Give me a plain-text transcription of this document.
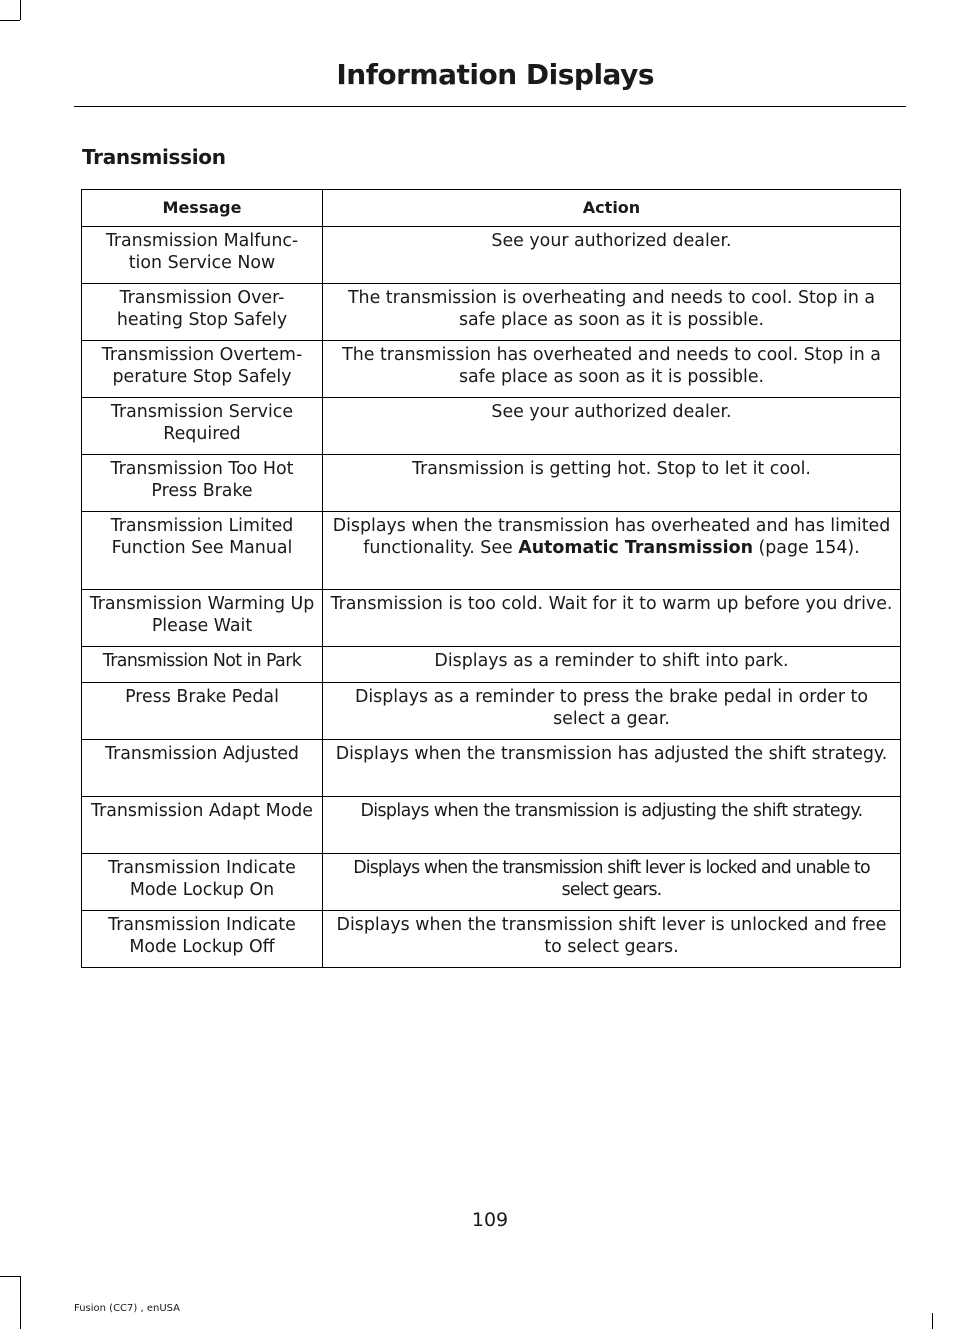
Information Displays
Transmission
Message	Action
Transmission Malfunc- tion Service Now	See your authorized dealer.
Transmission Over- heating Stop Safely	The transmission is overheating and needs to cool. Stop in a safe place as soon as it is possible.
Transmission Overtem- perature Stop Safely	The transmission has overheated and needs to cool. Stop in a safe place as soon as it is possible.
Transmission Service Required	See your authorized dealer.
Transmission Too Hot Press Brake	Transmission is getting hot. Stop to let it cool.
Transmission Limited Function See Manual	Displays when the transmission has overheated and has limited functionality. See Automatic Transmission (page 154).
Transmission Warming Up Please Wait	Transmission is too cold. Wait for it to warm up before you drive.
Transmission Not in Park	Displays as a reminder to shift into park.
Press Brake Pedal	Displays as a reminder to press the brake pedal in order to select a gear.
Transmission Adjusted	Displays when the transmission has adjusted the shift strategy.
Transmission Adapt Mode	Displays when the transmission is adjusting the shift strategy.
Transmission Indicate Mode Lockup On	Displays when the transmission shift lever is locked and unable to select gears.
Transmission Indicate Mode Lockup Off	Displays when the transmission shift lever is unlocked and free to select gears.
109
Fusion (CC7) , enUSA
